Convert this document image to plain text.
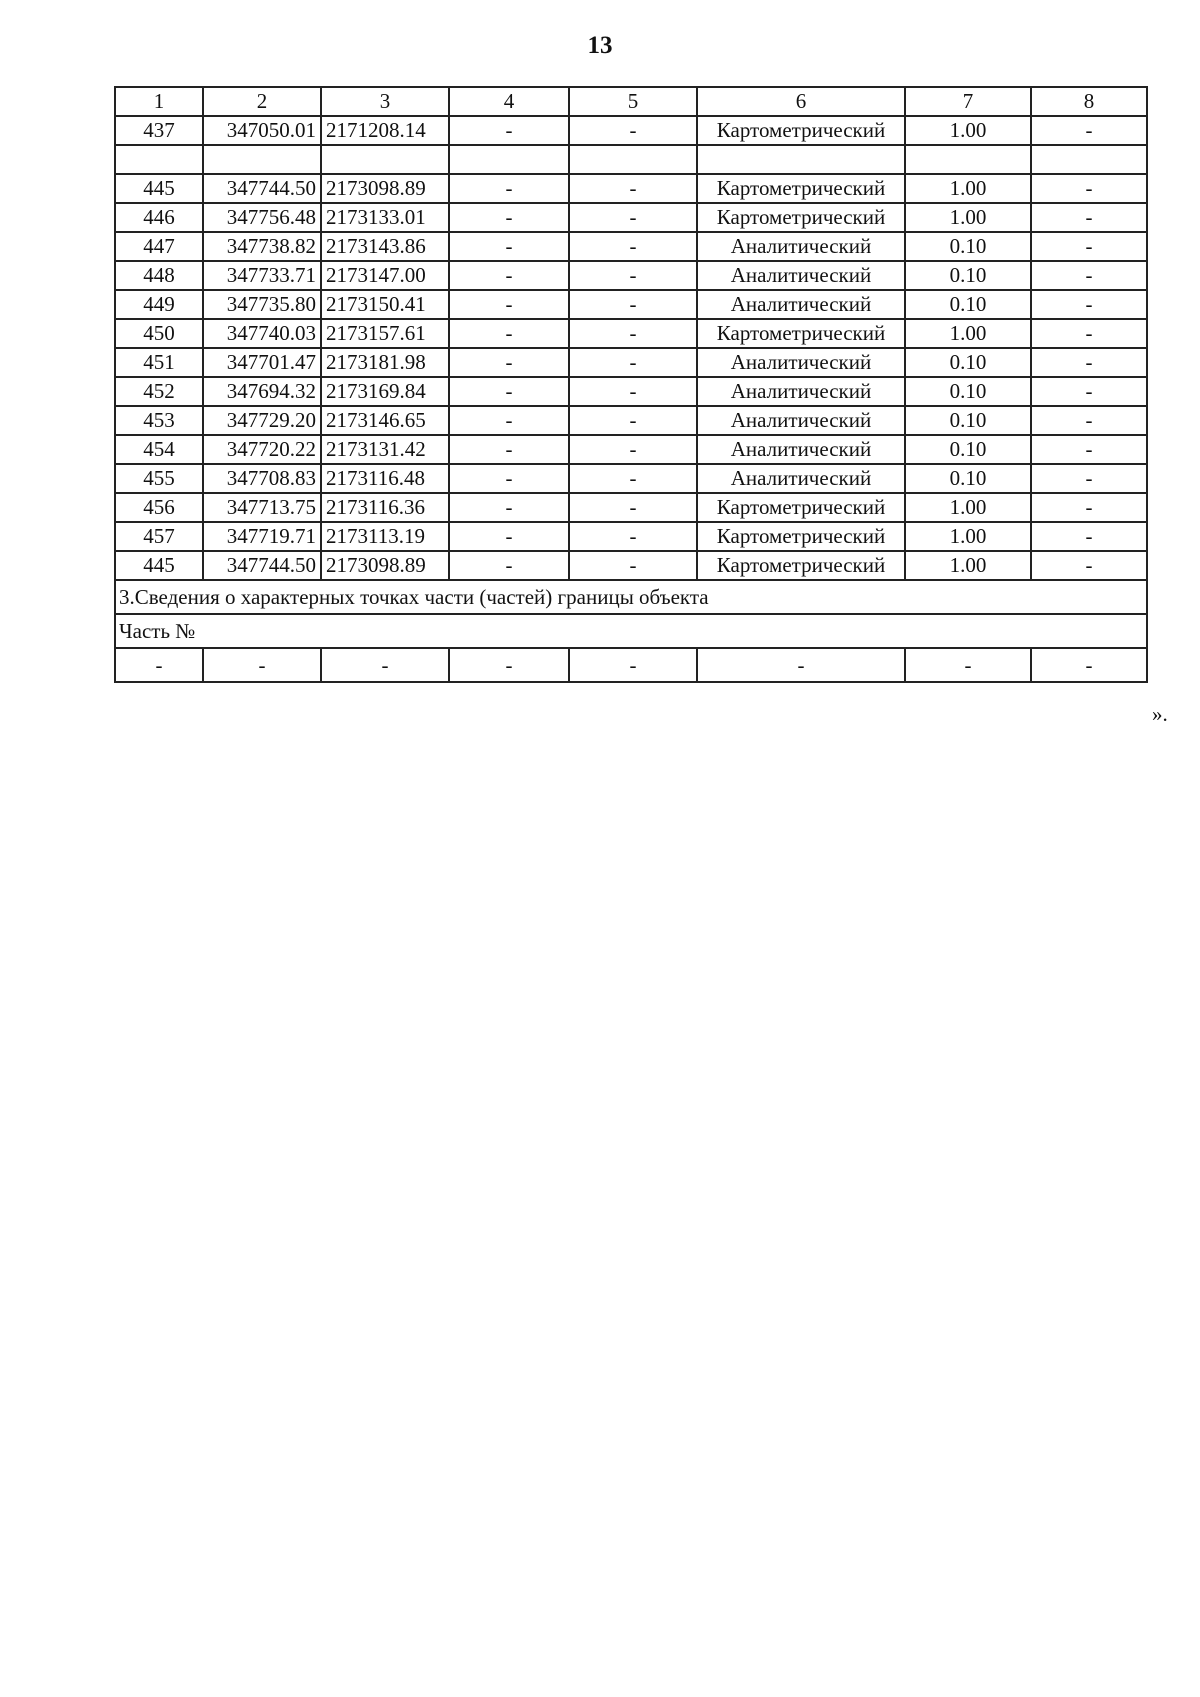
13
1	2	3	4	5	6	7	8
437	347050.01	2171208.14	-	-	Картометрический	1.00	-

445	347744.50	2173098.89	-	-	Картометрический	1.00	-
446	347756.48	2173133.01	-	-	Картометрический	1.00	-
447	347738.82	2173143.86	-	-	Аналитический	0.10	-
448	347733.71	2173147.00	-	-	Аналитический	0.10	-
449	347735.80	2173150.41	-	-	Аналитический	0.10	-
450	347740.03	2173157.61	-	-	Картометрический	1.00	-
451	347701.47	2173181.98	-	-	Аналитический	0.10	-
452	347694.32	2173169.84	-	-	Аналитический	0.10	-
453	347729.20	2173146.65	-	-	Аналитический	0.10	-
454	347720.22	2173131.42	-	-	Аналитический	0.10	-
455	347708.83	2173116.48	-	-	Аналитический	0.10	-
456	347713.75	2173116.36	-	-	Картометрический	1.00	-
457	347719.71	2173113.19	-	-	Картометрический	1.00	-
445	347744.50	2173098.89	-	-	Картометрический	1.00	-
3.Сведения о характерных точках части (частей) границы объекта							
Часть №							
-	-	-	-	-	-	-	-
».
